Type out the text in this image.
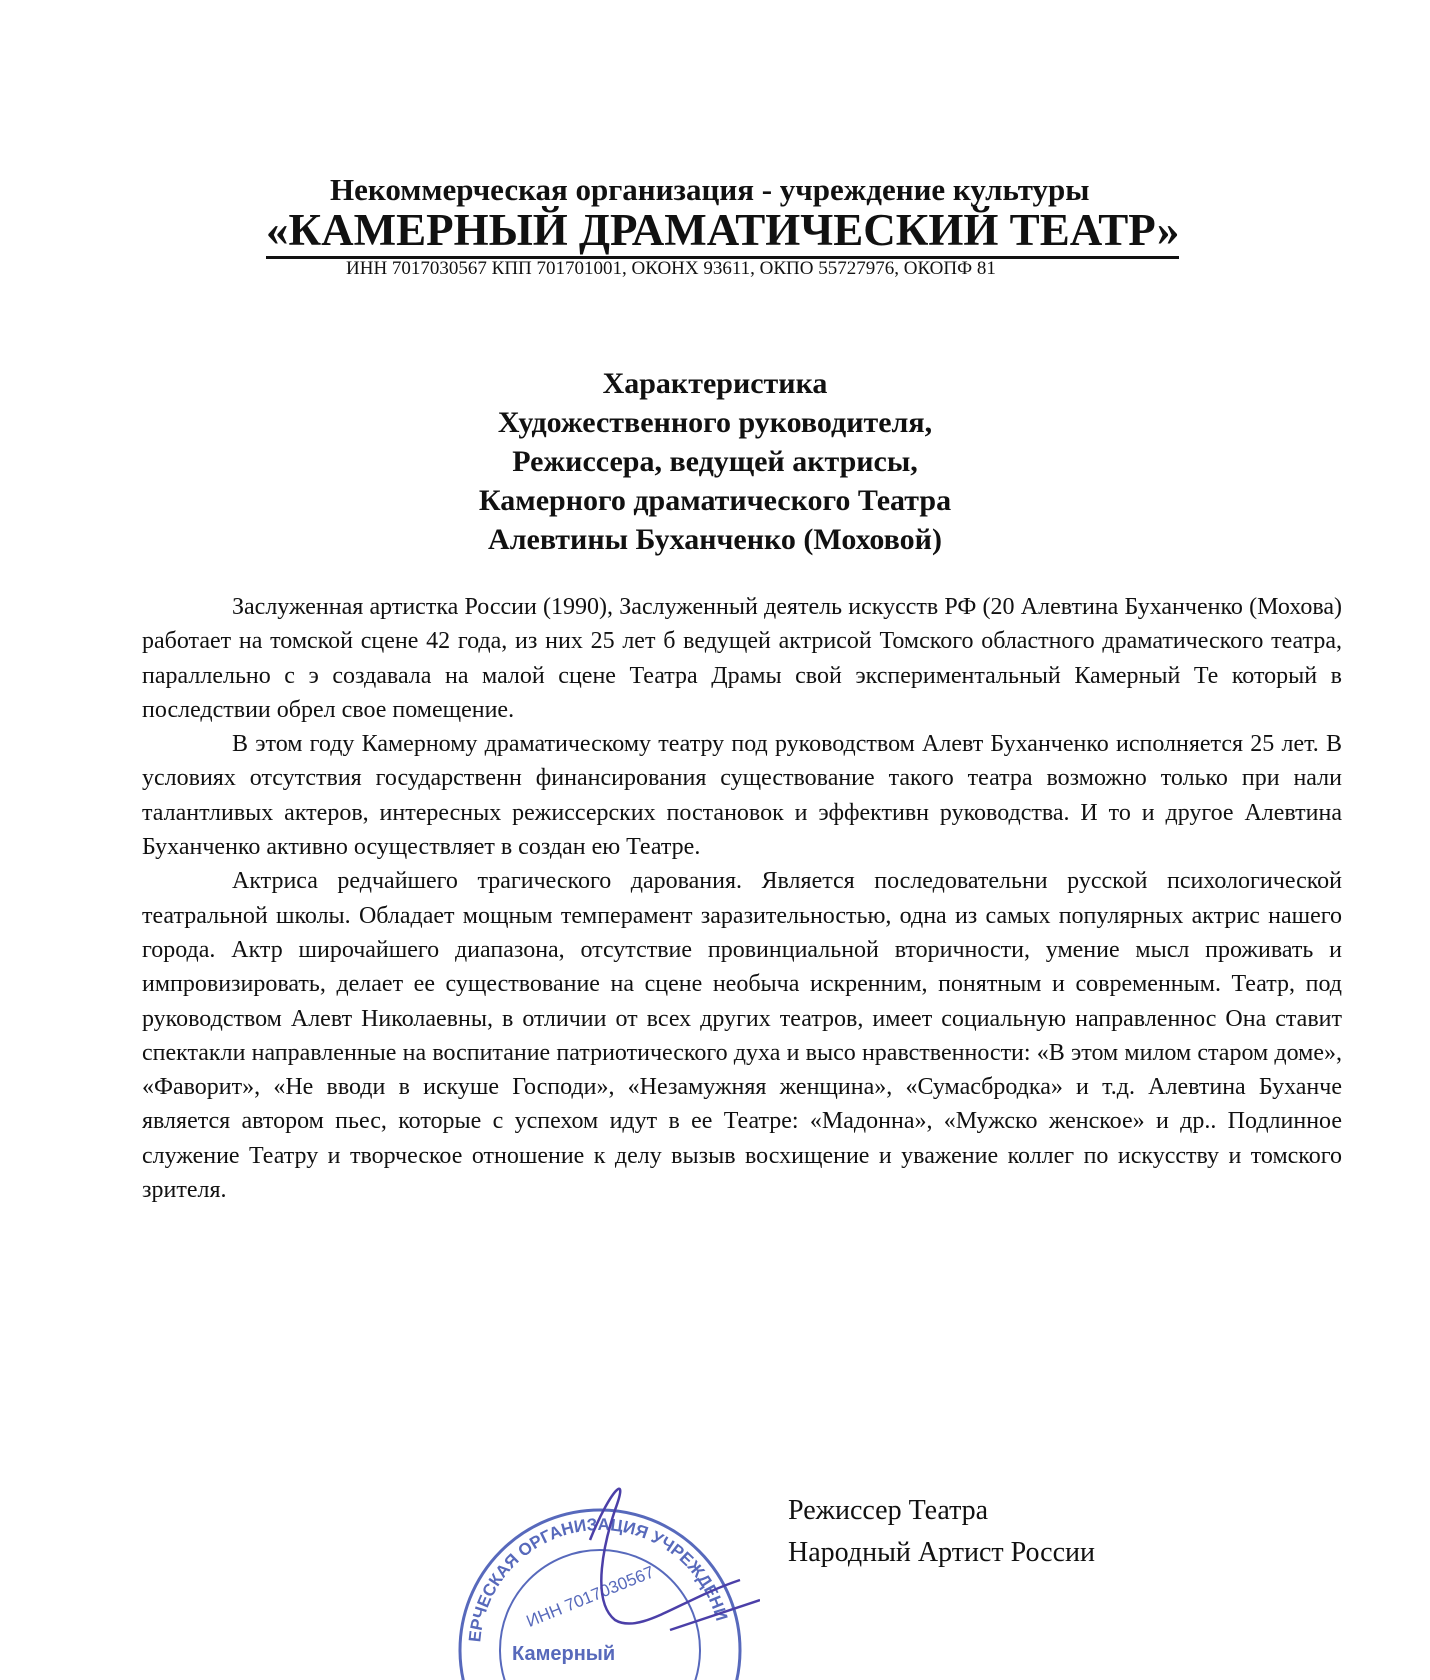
Некоммерческая организация - учреждение культуры
«КАМЕРНЫЙ ДРАМАТИЧЕСКИЙ ТЕАТР»
ИНН 7017030567 КПП 701701001, ОКОНХ 93611, ОКПО 55727976, ОКОПФ 81
Характеристика
Художественного руководителя,
Режиссера, ведущей актрисы,
Камерного драматического Театра
Алевтины Буханченко (Моховой)

Заслуженная артистка России (1990), Заслуженный деятель искусств РФ (20 Алевтина Буханченко (Мохова) работает на томской сцене 42 года, из них 25 лет б ведущей актрисой Томского областного драматического театра, параллельно с э создавала на малой сцене Театра Драмы свой экспериментальный Камерный Те который в последствии обрел свое помещение.

В этом году Камерному драматическому театру под руководством Алевт Буханченко исполняется 25 лет. В условиях отсутствия государственн финансирования существование такого театра возможно только при нали талантливых актеров, интересных режиссерских постановок и эффективн руководства. И то и другое Алевтина Буханченко активно осуществляет в создан ею Театре.

Актриса редчайшего трагического дарования. Является последовательни русской психологической театральной школы. Обладает мощным темперамент заразительностью, одна из самых популярных актрис нашего города. Актр широчайшего диапазона, отсутствие провинциальной вторичности, умение мысл проживать и импровизировать, делает ее существование на сцене необыча искренним, понятным и современным. Театр, под руководством Алевт Николаевны, в отличии от всех других театров, имеет социальную направленнос Она ставит спектакли направленные на воспитание патриотического духа и высо нравственности: «В этом милом старом доме», «Фаворит», «Не вводи в искуше Господи», «Незамужняя женщина», «Сумасбродка» и т.д. Алевтина Буханче является автором пьес, которые с успехом идут в ее Театре: «Мадонна», «Мужско женское» и др.. Подлинное служение Театру и творческое отношение к делу вызыв восхищение и уважение коллег по искусству и томского зрителя.

ЕРЧЕСКАЯ ОРГАНИЗАЦИЯ УЧРЕЖДЕНИ
ИНН 7017030567
Камерный
Режиссер Театра
Народный Артист России
